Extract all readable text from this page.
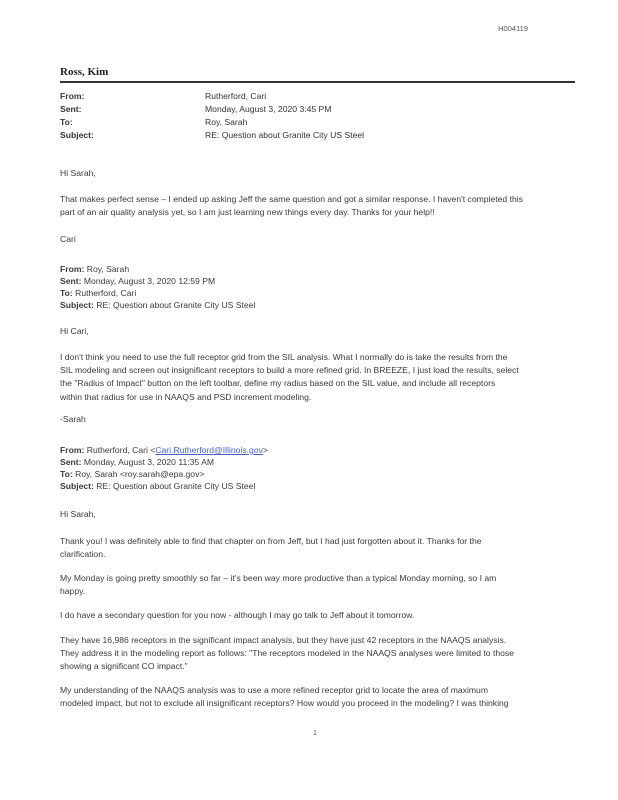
H004119
Ross, Kim
From:	Rutherford, Cari
Sent:	Monday, August 3, 2020 3:45 PM
To:	Roy, Sarah
Subject:	RE: Question about Granite City US Steel
Hi Sarah,
That makes perfect sense – I ended up asking Jeff the same question and got a similar response. I haven't completed this
part of an air quality analysis yet, so I am just learning new things every day. Thanks for your help!!
Cari
From: Roy, Sarah
Sent: Monday, August 3, 2020 12:59 PM
To: Rutherford, Cari
Subject: RE: Question about Granite City US Steel
Hi Cari,
I don't think you need to use the full receptor grid from the SIL analysis. What I normally do is take the results from the
SIL modeling and screen out insignificant receptors to build a more refined grid. In BREEZE, I just load the results, select
the "Radius of Impact" button on the left toolbar, define my radius based on the SIL value, and include all receptors
within that radius for use in NAAQS and PSD increment modeling.
-Sarah
From: Rutherford, Cari <Cari.Rutherford@Illinois.gov>
Sent: Monday, August 3, 2020 11:35 AM
To: Roy, Sarah <roy.sarah@epa.gov>
Subject: RE: Question about Granite City US Steel
Hi Sarah,
Thank you! I was definitely able to find that chapter on from Jeff, but I had just forgotten about it. Thanks for the
clarification.
My Monday is going pretty smoothly so far – it's been way more productive than a typical Monday morning, so I am
happy.
I do have a secondary question for you now - although I may go talk to Jeff about it tomorrow.
They have 16,986 receptors in the significant impact analysis, but they have just 42 receptors in the NAAQS analysis.
They address it in the modeling report as follows: "The receptors modeled in the NAAQS analyses were limited to those
showing a significant CO impact."
My understanding of the NAAQS analysis was to use a more refined receptor grid to locate the area of maximum
modeled impact, but not to exclude all insignificant receptors? How would you proceed in the modeling? I was thinking
1
